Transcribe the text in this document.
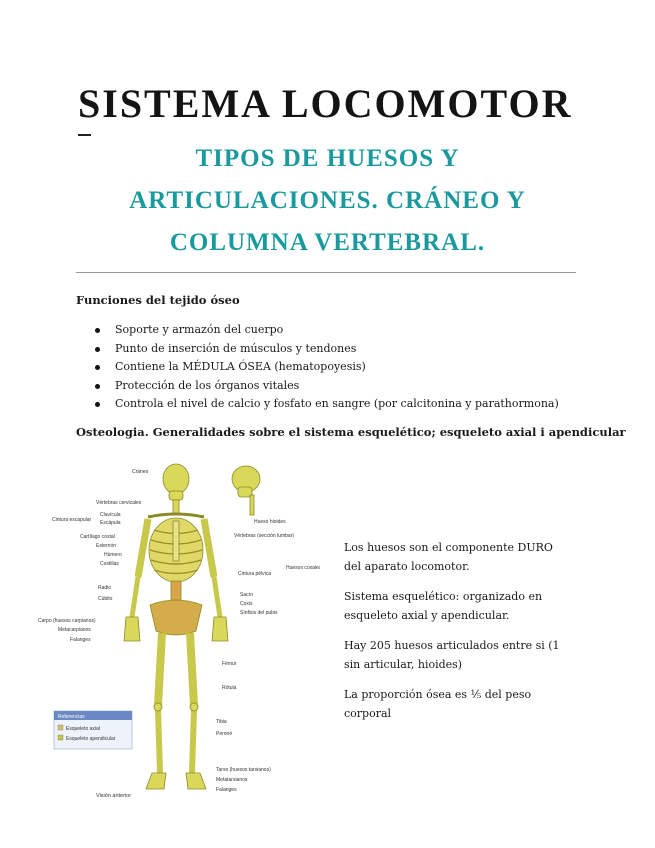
SISTEMA LOCOMOTOR
TIPOS DE HUESOS Y ARTICULACIONES. CRÁNEO Y COLUMNA VERTEBRAL.
Funciones del tejido óseo
Soporte y armazón del cuerpo
Punto de inserción de músculos y tendones
Contiene la MÉDULA ÓSEA (hematopoyesis)
Protección de los órganos vitales
Controla el nivel de calcio y fosfato en sangre (por calcitonina y parathormona)
Osteologia. Generalidades sobre el sistema esquelético; esqueleto axial i apendicular
Cráneo
Vértebras cervicales
Cintura escapular
Clavícula
Escápula
Cartílago costal
Esternón
Húmero
Costillas
Radio
Cúbito
Carpo (huesos carpianos)
Metacarpianos
Falanges
Hueso hioides
Vértebras (sección lumbar)
Cintura pélvica
Huesos coxales
Sacro
Coxis
Sínfisis del pubis
Fémur
Rótula
Tibia
Peroné
Tarso (huesos tarsianos)
Metatarsianos
Falanges
Visión anterior
Referencias
Esqueleto axial
Esqueleto apendicular

Los huesos son el componente DURO del aparato locomotor.

Sistema esquelético: organizado en esqueleto axial y apendicular.

Hay 205 huesos articulados entre si (1 sin articular, hioides)

La proporción ósea es ⅕ del peso corporal
